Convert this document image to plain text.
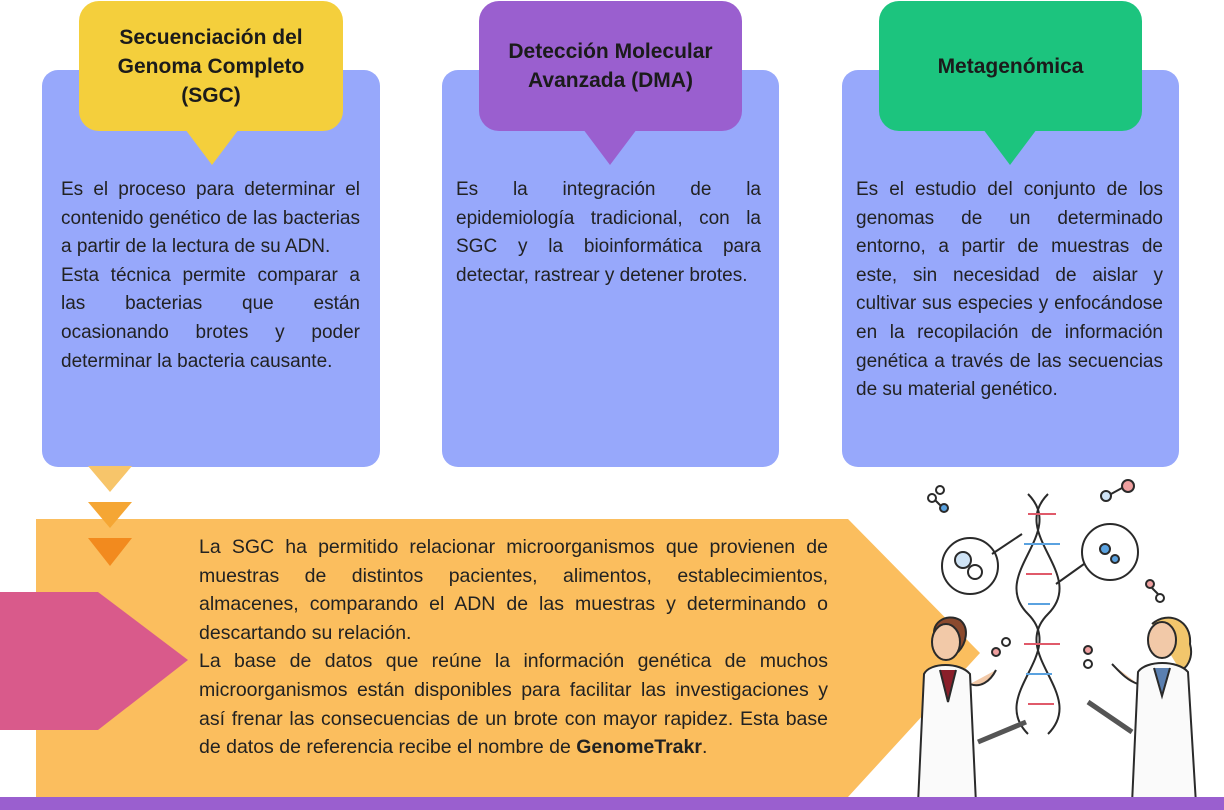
Secuenciación del Genoma Completo (SGC)
Detección Molecular Avanzada (DMA)
Metagenómica

Es el proceso para determinar el contenido genético de las bacterias a partir de la lectura de su ADN.

Esta técnica permite comparar a las bacterias que están ocasionando brotes y poder determinar la bacteria causante.

Es la integración de la epidemiología tradicional, con la SGC y la bioinformática para detectar, rastrear y detener brotes.

Es el estudio del conjunto de los genomas de un determinado entorno, a partir de muestras de este, sin necesidad de aislar y cultivar sus especies y enfocándose en la recopilación de información genética a través de las secuencias de su material genético.

La SGC ha permitido relacionar microorganismos que provienen de muestras de distintos pacientes, alimentos, establecimientos, almacenes, comparando el ADN de las muestras y determinando o descartando su relación.

La base de datos que reúne la información genética de muchos microorganismos están disponibles para facilitar las investigaciones y así frenar las consecuencias de un brote con mayor rapidez. Esta base de datos de referencia recibe el nombre de GenomeTrakr.
